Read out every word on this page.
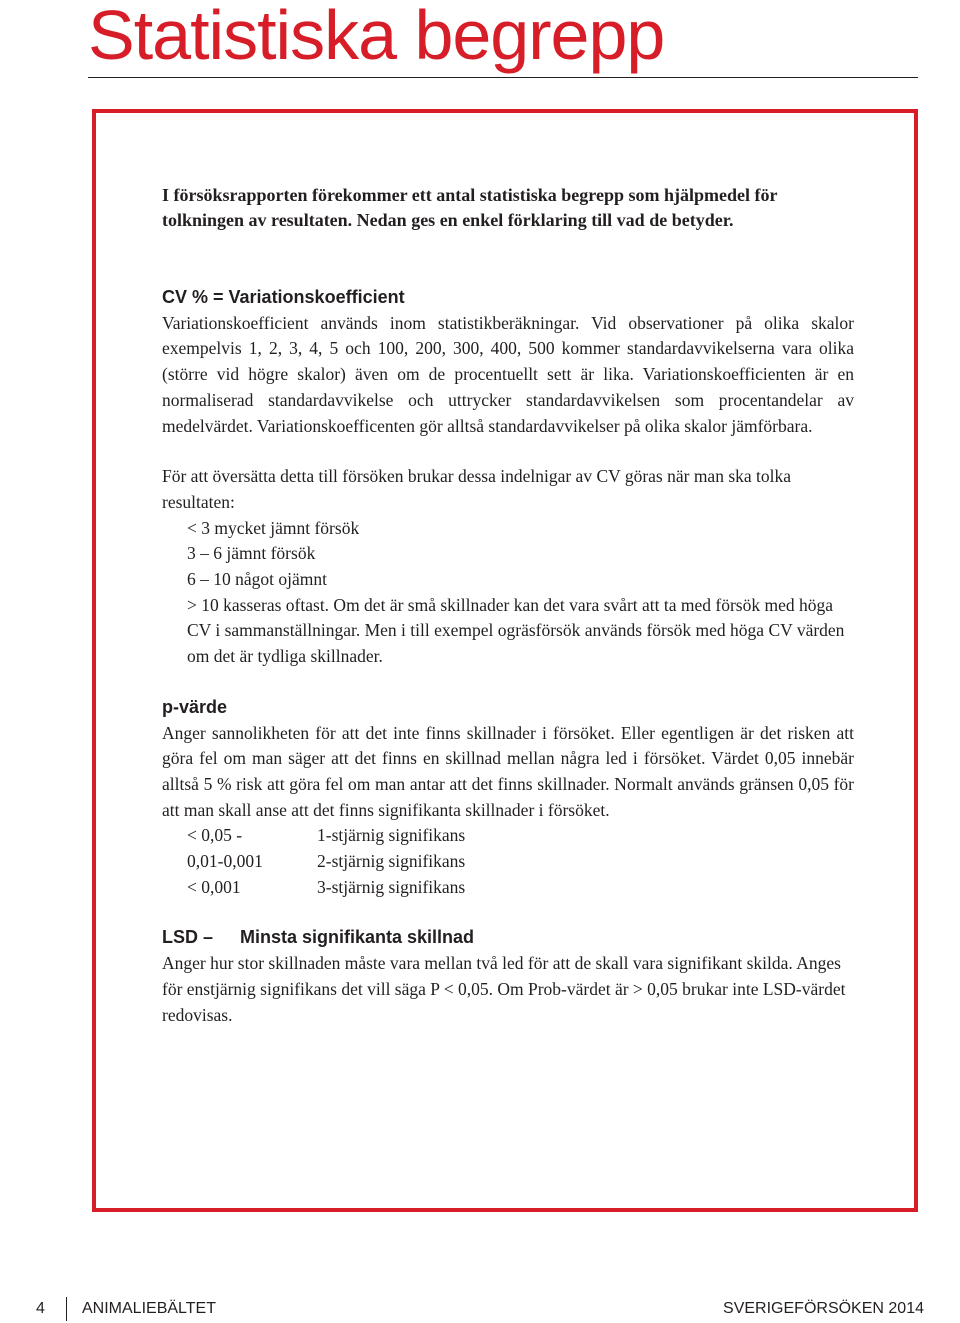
Statistiska begrepp

I försöksrapporten förekommer ett antal statistiska begrepp som hjälpmedel för tolkningen av resultaten. Nedan ges en enkel förklaring till vad de betyder.

CV % = Variationskoefficient

Variationskoefficient används inom statistikberäkningar. Vid observationer på olika skalor exempelvis 1, 2, 3, 4, 5 och 100, 200, 300, 400, 500 kommer standardavvikelserna vara olika (större vid högre skalor) även om de procentuellt sett är lika. Variationskoefficienten är en normaliserad standardavvikelse och uttrycker standardavvikelsen som procentandelar av medelvärdet. Variationskoefficenten gör alltså standardavvikelser på olika skalor jämförbara.

För att översätta detta till försöken brukar dessa indelnigar av CV göras när man ska tolka resultaten:

< 3 mycket jämnt försök

3 – 6 jämnt försök

6 – 10 något ojämnt

> 10 kasseras oftast. Om det är små skillnader kan det vara svårt att ta med försök med höga CV i sammanställningar. Men i till exempel ogräsförsök används försök med höga CV värden om det är tydliga skillnader.

p-värde

Anger sannolikheten för att det inte finns skillnader i försöket. Eller egentligen är det risken att göra fel om man säger att det finns en skillnad mellan några led i försöket. Värdet 0,05 innebär alltså 5 % risk att göra fel om man antar att det finns skillnader. Normalt används gränsen 0,05 för att man skall anse att det finns signifikanta skillnader i försöket.

< 0,05 -	1-stjärnig signifikans
0,01-0,001	2-stjärnig signifikans
< 0,001	3-stjärnig signifikans

LSD – Minsta signifikanta skillnad

Anger hur stor skillnaden måste vara mellan två led för att de skall vara signifikant skilda. Anges för enstjärnig signifikans det vill säga P < 0,05. Om Prob-värdet är > 0,05 brukar inte LSD-värdet redovisas.

4 ANIMALIEBÄLTET	SVERIGEFÖRSÖKEN 2014
